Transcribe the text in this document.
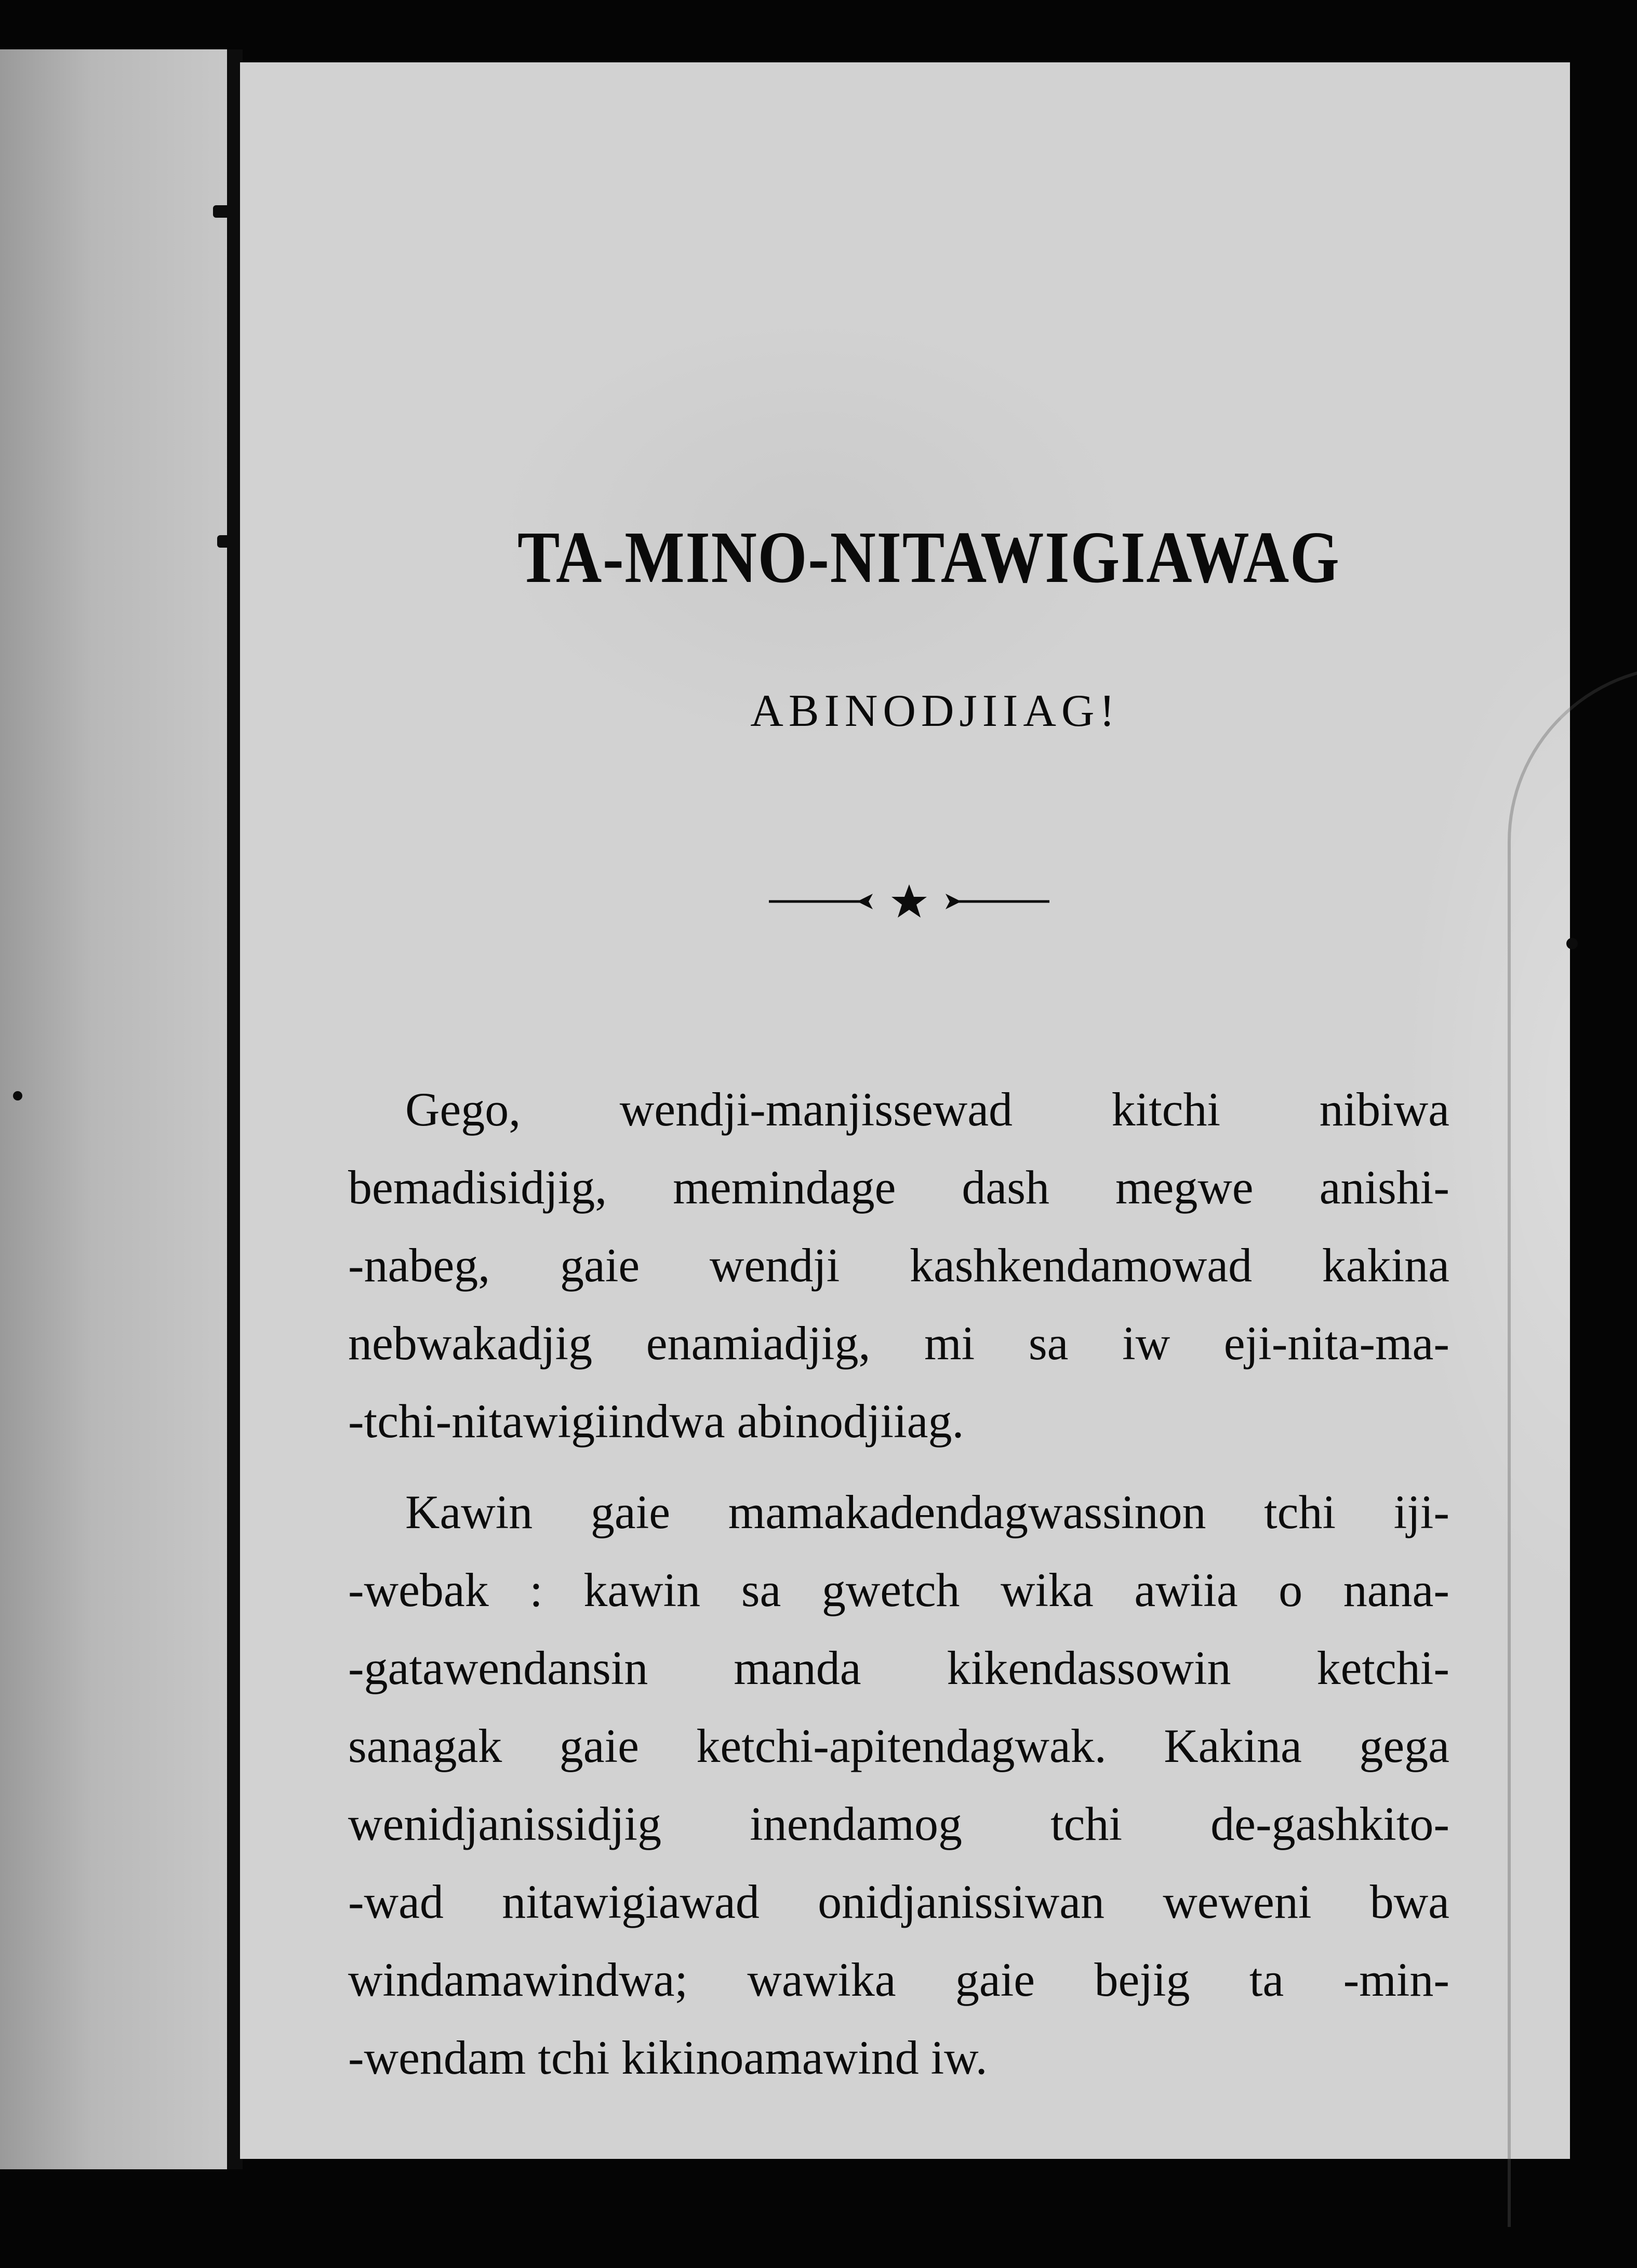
TA-MINO-NITAWIGIAWAG
ABINODJIIAG!
Gego, wendji-manjissewad kitchi nibiwa
bemadisidjig, memindage dash megwe anishi-
-nabeg, gaie wendji kashkendamowad kakina
nebwakadjig enamiadjig, mi sa iw eji-nita-ma-
-tchi-nitawigiindwa abinodjiiag.
Kawin gaie mamakadendagwassinon tchi iji-
-webak : kawin sa gwetch wika awiia o nana-
-gatawendansin manda kikendassowin ketchi-
sanagak gaie ketchi-apitendagwak. Kakina gega
wenidjanissidjig inendamog tchi de-gashkito-
-wad nitawigiawad onidjanissiwan weweni bwa
windamawindwa; wawika gaie bejig ta -min-
-wendam tchi kikinoamawind iw.
